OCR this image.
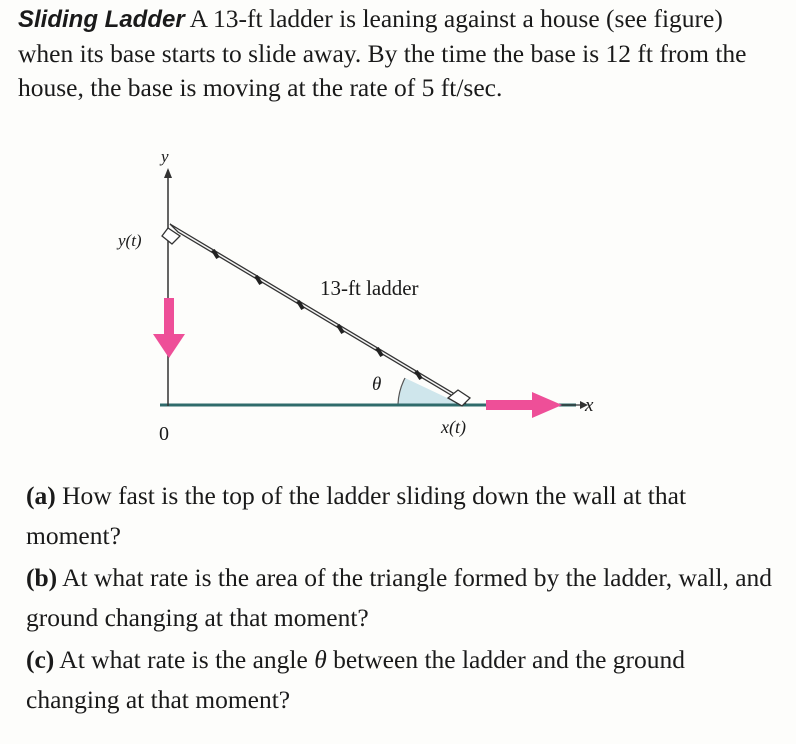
Sliding Ladder A 13-ft ladder is leaning against a house (see figure) when its base starts to slide away. By the time the base is 12 ft from the house, the base is moving at the rate of 5 ft/sec.
y
x
y(t)
x(t)
0
13-ft ladder
θ
(a) How fast is the top of the ladder sliding down the wall at that moment?
(b) At what rate is the area of the triangle formed by the ladder, wall, and ground changing at that moment?
(c) At what rate is the angle θ between the ladder and the ground changing at that moment?
